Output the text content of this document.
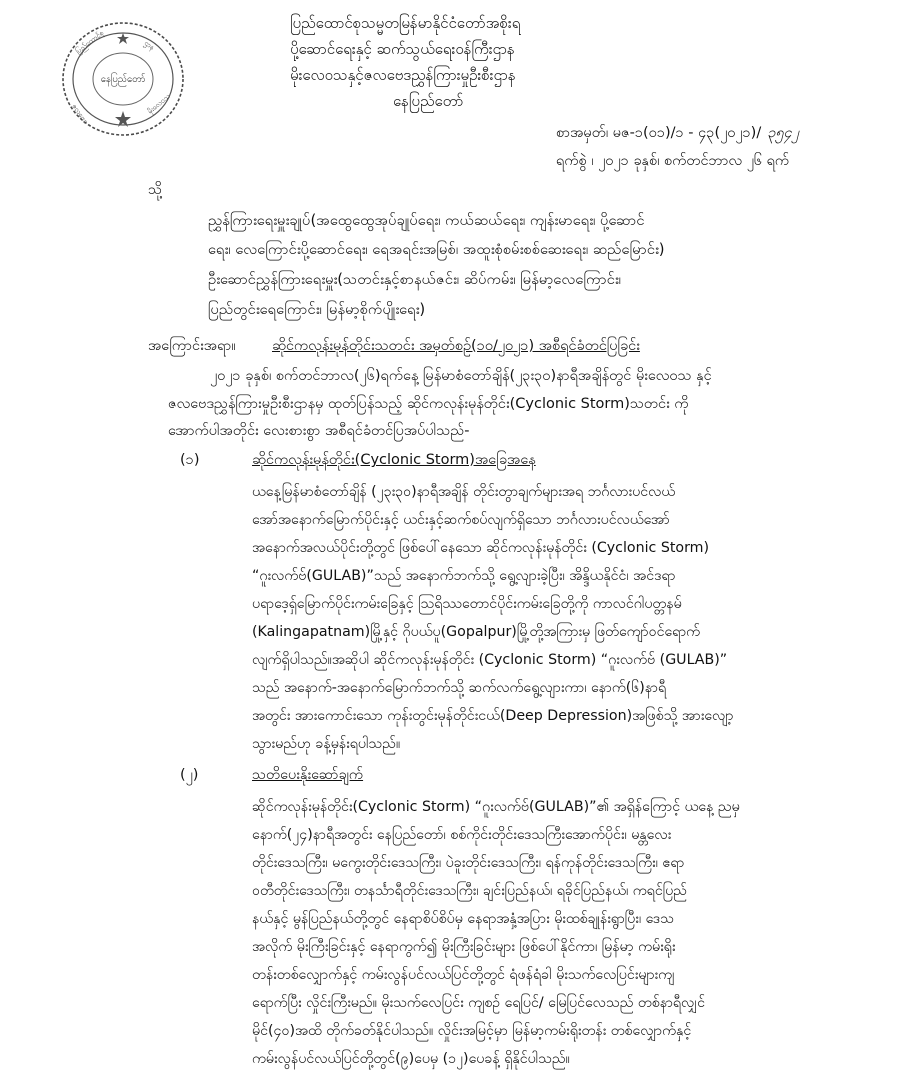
ပြည်ထောင်စု	ဌာန
မိုးလေဝသ
ဇလဗေဒ
နေပြည်တော်
ပြည်ထောင်စုသမ္မတမြန်မာနိုင်ငံတော်အစိုးရ
ပို့ဆောင်ရေးနှင့် ဆက်သွယ်ရေးဝန်ကြီးဌာန
မိုးလေဝသနှင့်ဇလဗေဒညွှန်ကြားမှုဦးစီးဌာန
နေပြည်တော်
စာအမှတ်၊ မဇ-၁(၀၁)/၁ - ၄၃(၂၀၂၁)/ ၃၅၄၂
ရက်စွဲ ၊ ၂၀၂၁ ခုနှစ်၊ စက်တင်ဘာလ ၂၆ ရက်
သို့
ညွှန်ကြားရေးမှူးချုပ်(အထွေထွေအုပ်ချုပ်ရေး၊ ကယ်ဆယ်ရေး၊ ကျန်းမာရေး၊ ပို့ဆောင်
ရေး၊ လေကြောင်းပို့ဆောင်ရေး၊ ရေအရင်းအမြစ်၊ အထူးစုံစမ်းစစ်ဆေးရေး၊ ဆည်မြောင်း)
ဦးဆောင်ညွှန်ကြားရေးမှူး(သတင်းနှင့်စာနယ်ဇင်း၊ ဆိပ်ကမ်း၊ မြန်မာ့လေကြောင်း၊
ပြည်တွင်းရေကြောင်း၊ မြန်မာ့စိုက်ပျိုးရေး)
အကြောင်းအရာ။ ဆိုင်ကလုန်းမုန်တိုင်းသတင်း အမှတ်စဉ်(၁၀/၂၀၂၁) အစီရင်ခံတင်ပြခြင်း
၂၀၂၁ ခုနှစ်၊ စက်တင်ဘာလ(၂၆)ရက်နေ့ မြန်မာစံတော်ချိန်(၂၃း၃၀)နာရီအချိန်တွင် မိုးလေဝသ နှင့်
ဇလဗေဒညွှန်ကြားမှုဦးစီးဌာနမှ ထုတ်ပြန်သည့် ဆိုင်ကလုန်းမုန်တိုင်း(Cyclonic Storm)သတင်း ကို
အောက်ပါအတိုင်း လေးစားစွာ အစီရင်ခံတင်ပြအပ်ပါသည်-
(၁)	ဆိုင်ကလုန်းမုန်တိုင်း(Cyclonic Storm)အခြေအနေ
ယနေ့မြန်မာစံတော်ချိန် (၂၃း၃၀)နာရီအချိန် တိုင်းတွာချက်များအရ ဘင်္ဂလားပင်လယ်
အော်အနောက်မြောက်ပိုင်းနှင့် ယင်းနှင့်ဆက်စပ်လျက်ရှိသော ဘင်္ဂလားပင်လယ်အော်
အနောက်အလယ်ပိုင်းတို့တွင် ဖြစ်ပေါ်နေသော ဆိုင်ကလုန်းမုန်တိုင်း (Cyclonic Storm)
“ဂူးလက်ဗ်(GULAB)”သည် အနောက်ဘက်သို့ ရွေ့လျားခဲ့ပြီး၊ အိန္ဒိယနိုင်ငံ၊ အင်ဒရာ
ပရာဒေ့ရှ်မြောက်ပိုင်းကမ်းခြေနှင့် ဩရိဿတောင်ပိုင်းကမ်းခြေတို့ကို ကာလင်ဂါပတ္တနမ်
(Kalingapatnam)မြို့နှင့် ဂိုပယ်ပူ(Gopalpur)မြို့တို့အကြားမှ ဖြတ်ကျော်ဝင်ရောက်
လျက်ရှိပါသည်။အဆိုပါ ဆိုင်ကလုန်းမုန်တိုင်း (Cyclonic Storm) “ဂူးလက်ဗ် (GULAB)”
သည် အနောက်-အနောက်မြောက်ဘက်သို့ ဆက်လက်ရွေ့လျားကာ၊ နောက်(၆)နာရီ
အတွင်း အားကောင်းသော ကုန်းတွင်းမုန်တိုင်းငယ်(Deep Depression)အဖြစ်သို့ အားလျော့
သွားမည်ဟု ခန့်မှန်းရပါသည်။
(၂)	သတိပေးနိုးဆော်ချက်
ဆိုင်ကလုန်းမုန်တိုင်း(Cyclonic Storm) “ဂူးလက်ဗ်(GULAB)”၏ အရှိန်ကြောင့် ယနေ့ ညမှ
နောက်(၂၄)နာရီအတွင်း နေပြည်တော်၊ စစ်ကိုင်းတိုင်းဒေသကြီးအောက်ပိုင်း၊ မန္တလေး
တိုင်းဒေသကြီး၊ မကွေးတိုင်းဒေသကြီး၊ ပဲခူးတိုင်းဒေသကြီး၊ ရန်ကုန်တိုင်းဒေသကြီး၊ ဧရာ
ဝတီတိုင်းဒေသကြီး၊ တနင်္သာရီတိုင်းဒေသကြီး၊ ချင်းပြည်နယ်၊ ရခိုင်ပြည်နယ်၊ ကရင်ပြည်
နယ်နှင့် မွန်ပြည်နယ်တို့တွင် နေရာစိပ်စိပ်မှ နေရာအနှံ့အပြား မိုးထစ်ချုန်းရွာပြီး၊ ဒေသ
အလိုက် မိုးကြီးခြင်းနှင့် နေရာကွက်၍ မိုးကြီးခြင်းများ ဖြစ်ပေါ်နိုင်ကာ၊ မြန်မာ့ ကမ်းရိုး
တန်းတစ်လျှောက်နှင့် ကမ်းလွန်ပင်လယ်ပြင်တို့တွင် ရံဖန်ရံခါ မိုးသက်လေပြင်းများကျ
ရောက်ပြီး လှိုင်းကြီးမည်။ မိုးသက်လေပြင်း ကျစဉ် ရေပြင်/ မြေပြင်လေသည် တစ်နာရီလျှင်
မိုင်(၄၀)အထိ တိုက်ခတ်နိုင်ပါသည်။ လှိုင်းအမြင့်မှာ မြန်မာ့ကမ်းရိုးတန်း တစ်လျှောက်နှင့်
ကမ်းလွန်ပင်လယ်ပြင်တို့တွင်(၉)ပေမှ (၁၂)ပေခန့် ရှိနိုင်ပါသည်။
